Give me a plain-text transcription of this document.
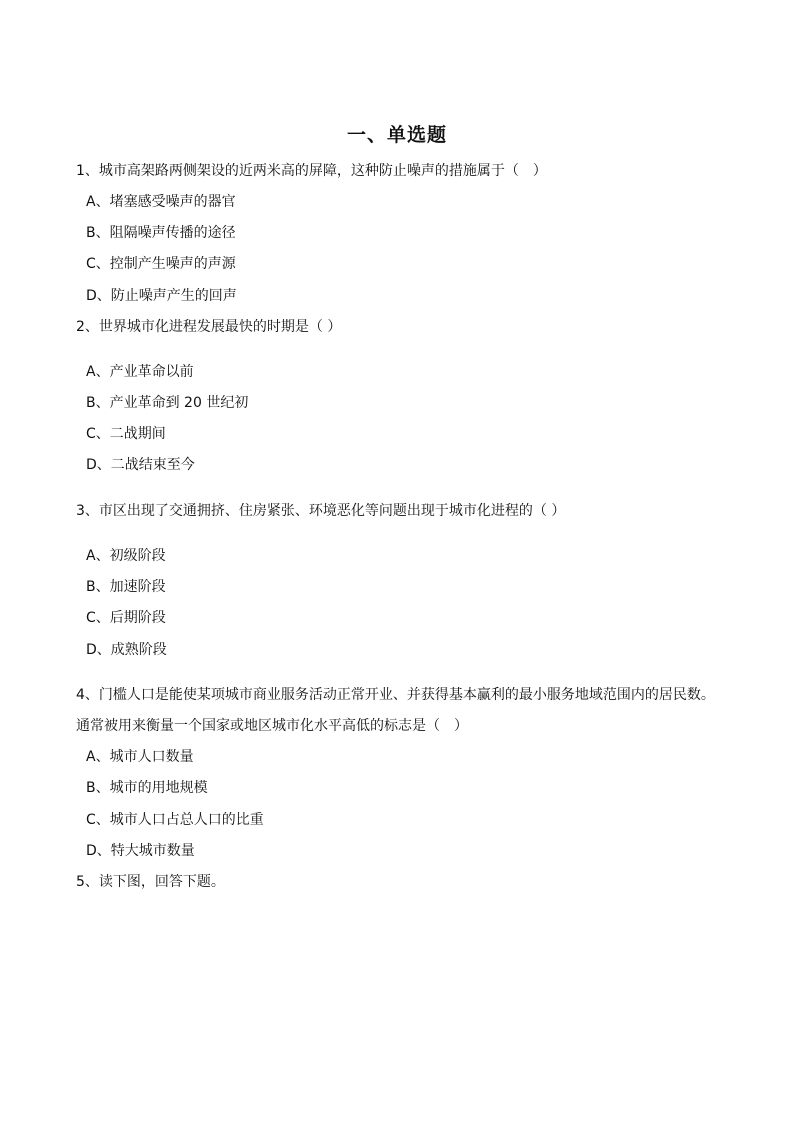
一、单选题
1、城市高架路两侧架设的近两米高的屏障，这种防止噪声的措施属于（　）
A、堵塞感受噪声的器官
B、阻隔噪声传播的途径
C、控制产生噪声的声源
D、防止噪声产生的回声
2、世界城市化进程发展最快的时期是（ ）
A、产业革命以前
B、产业革命到 20 世纪初
C、二战期间
D、二战结束至今
3、市区出现了交通拥挤、住房紧张、环境恶化等问题出现于城市化进程的（ ）
A、初级阶段
B、加速阶段
C、后期阶段
D、成熟阶段
4、门槛人口是能使某项城市商业服务活动正常开业、并获得基本赢利的最小服务地域范围内的居民数。
通常被用来衡量一个国家或地区城市化水平高低的标志是（　）
A、城市人口数量
B、城市的用地规模
C、城市人口占总人口的比重
D、特大城市数量
5、读下图，回答下题。
